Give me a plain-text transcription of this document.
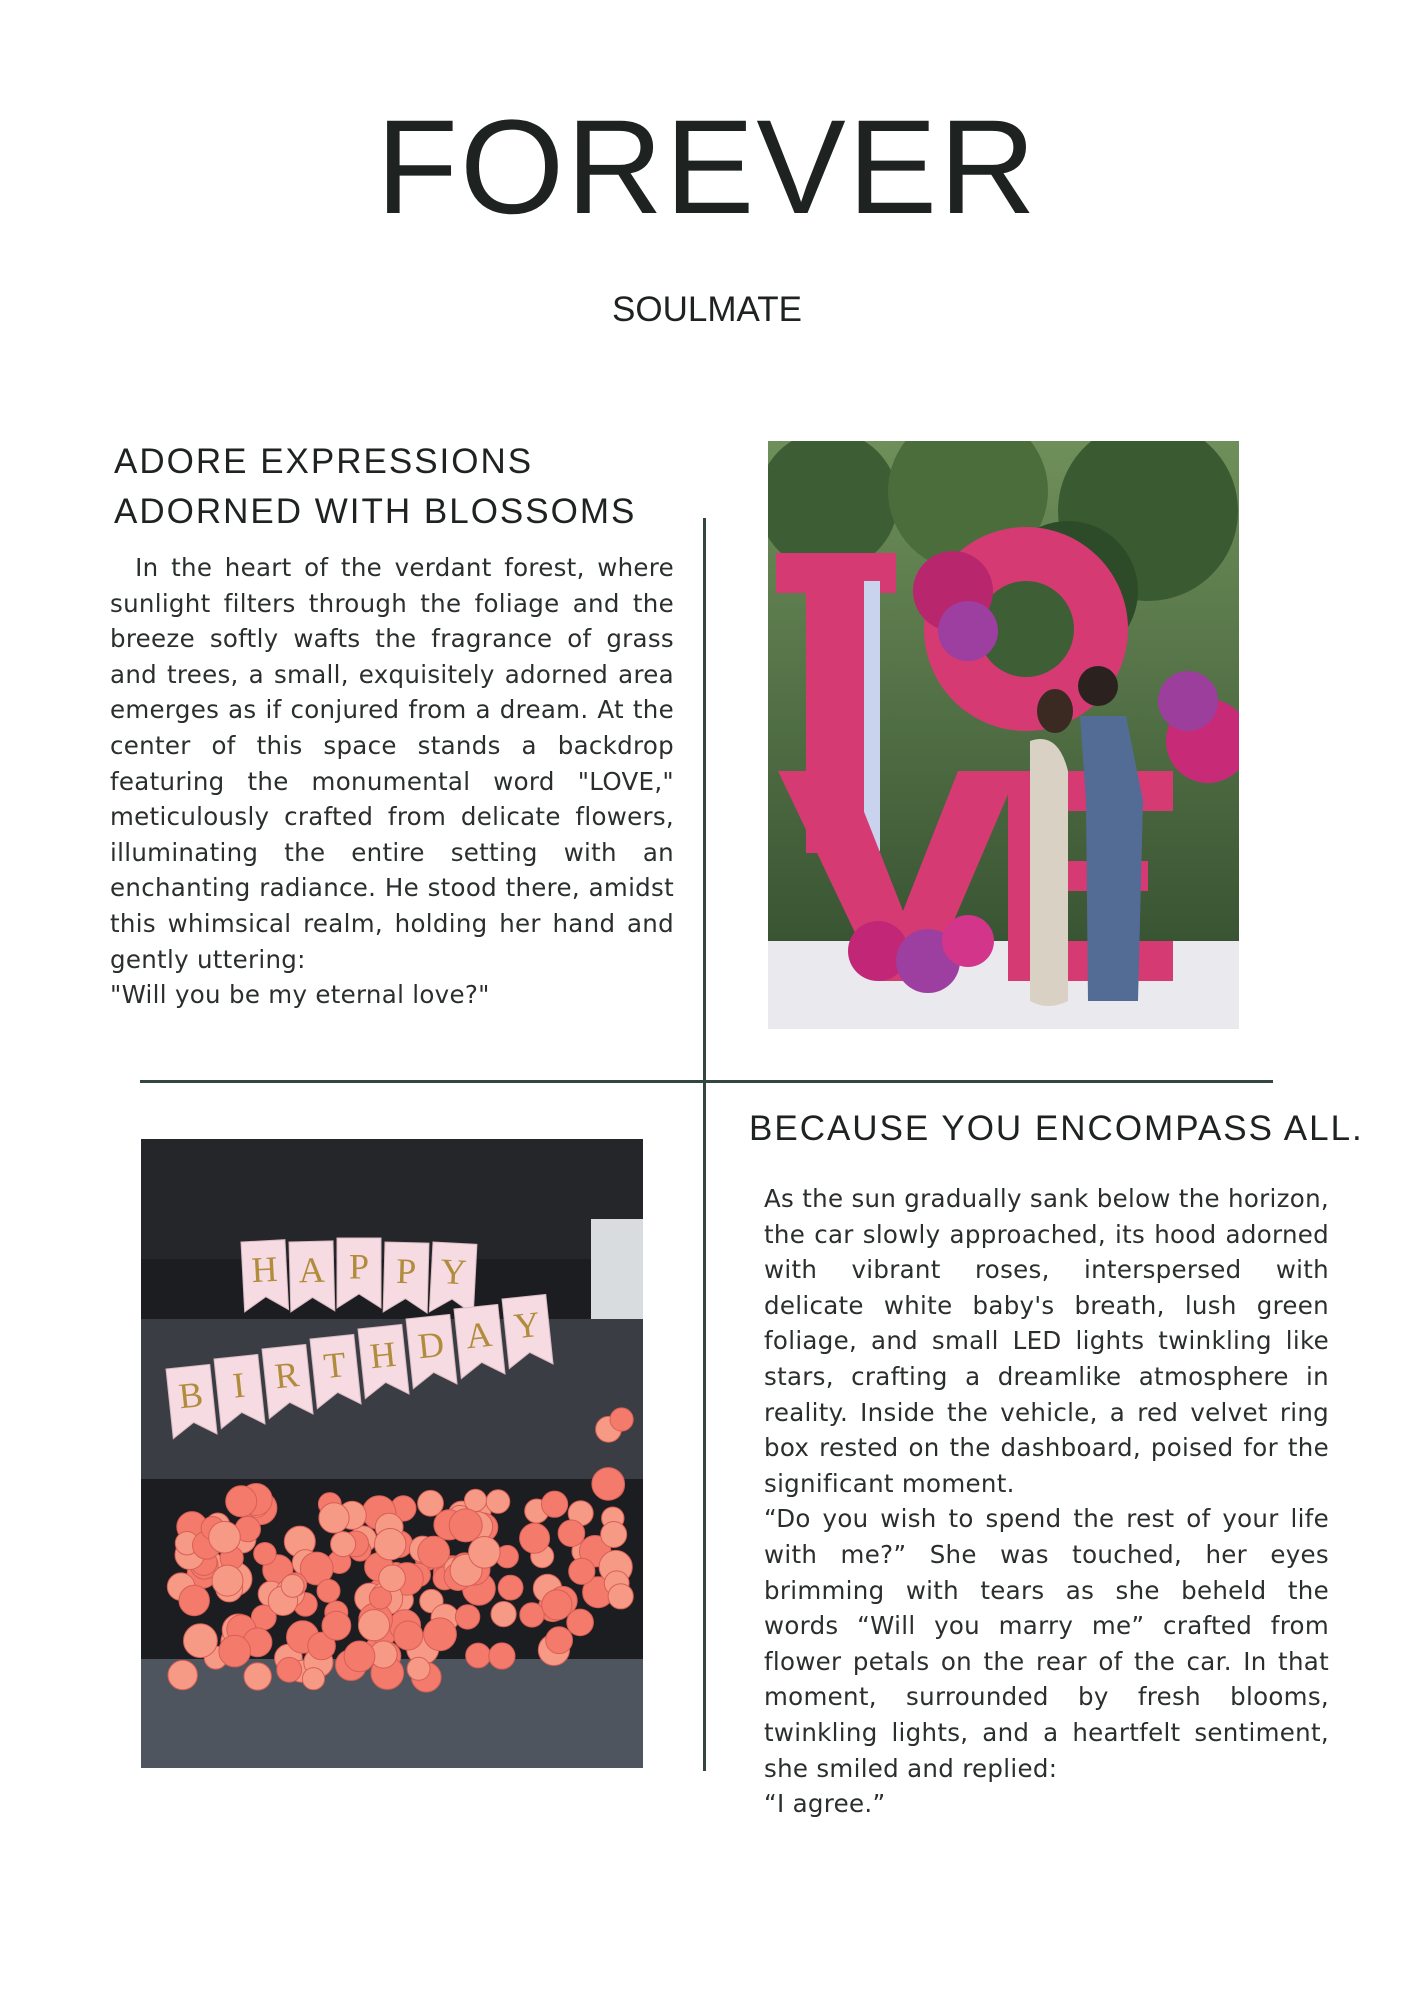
FOREVER
SOULMATE
ADORE EXPRESSIONS
ADORNED WITH BLOSSOMS

In the heart of the verdant forest, where sunlight filters through the foliage and the breeze softly wafts the fragrance of grass and trees, a small, exquisitely adorned area emerges as if conjured from a dream. At the center of this space stands a backdrop featuring the monumental word "LOVE," meticulously crafted from delicate flowers, illuminating the entire setting with an enchanting radiance. He stood there, amidst this whimsical realm, holding her hand and gently uttering:

"Will you be my eternal love?"

H A P P Y
B I R T H D A Y
BECAUSE YOU ENCOMPASS ALL.

As the sun gradually sank below the horizon, the car slowly approached, its hood adorned with vibrant roses, interspersed with delicate white baby's breath, lush green foliage, and small LED lights twinkling like stars, crafting a dreamlike atmosphere in reality. Inside the vehicle, a red velvet ring box rested on the dashboard, poised for the significant moment.

“Do you wish to spend the rest of your life with me?” She was touched, her eyes brimming with tears as she beheld the words “Will you marry me” crafted from flower petals on the rear of the car. In that moment, surrounded by fresh blooms, twinkling lights, and a heartfelt sentiment, she smiled and replied:

“I agree.”
